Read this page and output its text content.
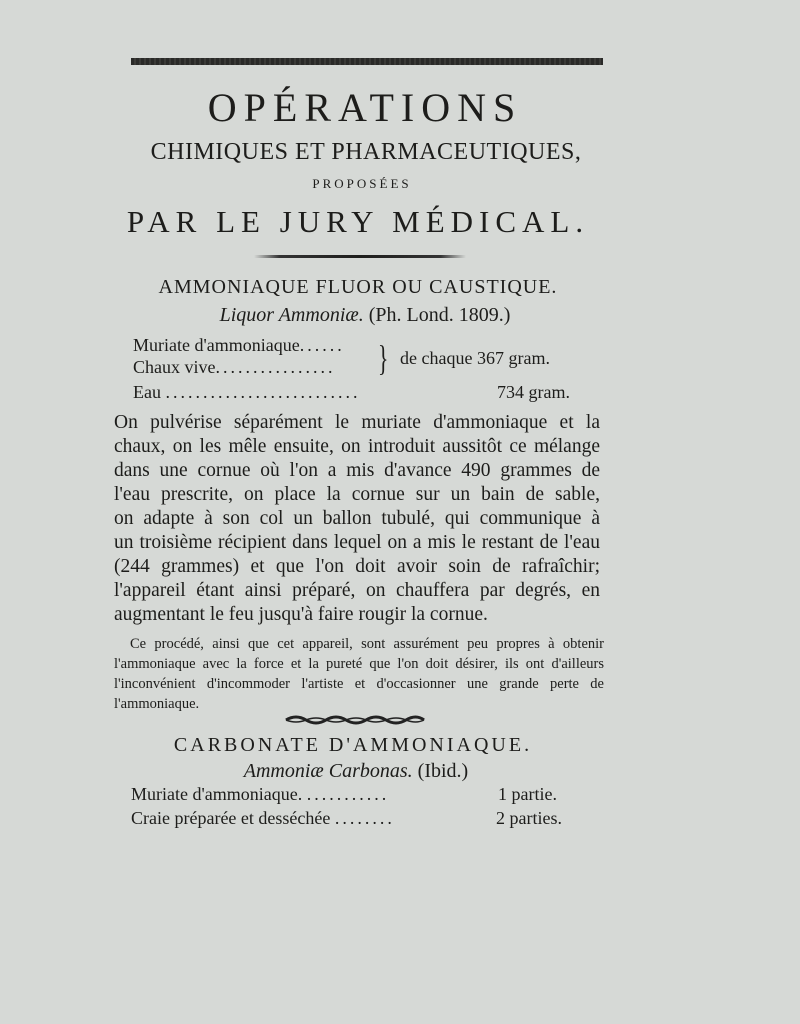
OPÉRATIONS
CHIMIQUES ET PHARMACEUTIQUES,
PROPOSÉES
PAR LE JURY MÉDICAL.
AMMONIAQUE FLUOR OU CAUSTIQUE.
Liquor Ammoniæ. (Ph. Lond. 1809.)
Muriate d'ammoniaque......
Chaux vive................ } de chaque 367 gram.
Eau ..........................	734 gram.
On pulvérise séparément le muriate d'ammoniaque et la
chaux, on les mêle ensuite, on introduit aussitôt ce mélange
dans une cornue où l'on a mis d'avance 490 grammes de
l'eau prescrite, on place la cornue sur un bain de sable,
on adapte à son col un ballon tubulé, qui communique à
un troisième récipient dans lequel on a mis le restant de l'eau
(244 grammes) et que l'on doit avoir soin de rafraîchir;
l'appareil étant ainsi préparé, on chauffera par degrés, en
augmentant le feu jusqu'à faire rougir la cornue.
Ce procédé, ainsi que cet appareil, sont assurément peu propres à obtenir
l'ammoniaque avec la force et la pureté que l'on doit désirer, ils ont d'ailleurs
l'inconvénient d'incommoder l'artiste et d'occasionner une grande perte de
l'ammoniaque.
CARBONATE D'AMMONIAQUE.
Ammoniæ Carbonas. (Ibid.)
Muriate d'ammoniaque. ...........	1 partie.
Craie préparée et desséchée ........	2 parties.
